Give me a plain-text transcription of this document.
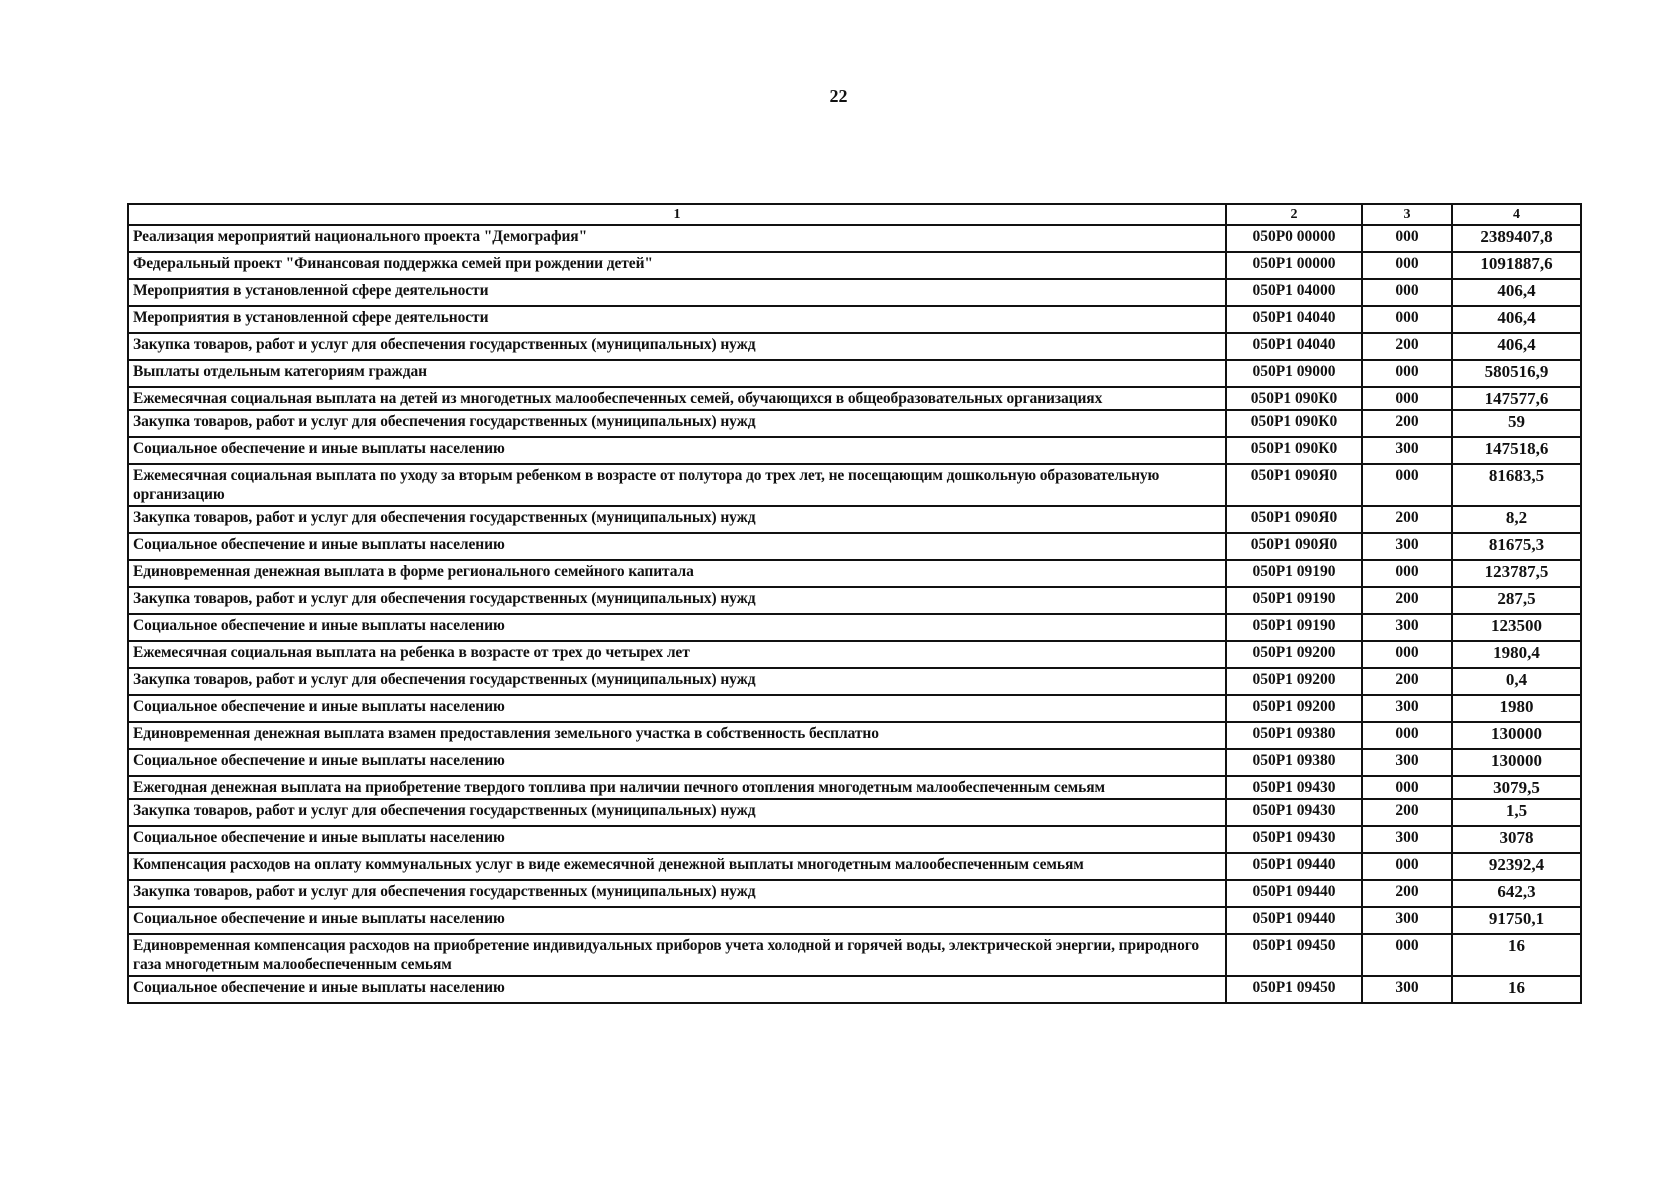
22
1	2	3	4
Реализация мероприятий национального проекта "Демография"	050Р0 00000	000	2389407,8
Федеральный проект "Финансовая поддержка семей при рождении детей"	050Р1 00000	000	1091887,6
Мероприятия в установленной сфере деятельности	050Р1 04000	000	406,4
Мероприятия в установленной сфере деятельности	050Р1 04040	000	406,4
Закупка товаров, работ и услуг для обеспечения государственных (муниципальных) нужд	050Р1 04040	200	406,4
Выплаты отдельным категориям граждан	050Р1 09000	000	580516,9
Ежемесячная социальная выплата на детей из многодетных малообеспеченных семей, обучающихся в общеобразовательных организациях	050Р1 090К0	000	147577,6
Закупка товаров, работ и услуг для обеспечения государственных (муниципальных) нужд	050Р1 090К0	200	59
Социальное обеспечение и иные выплаты населению	050Р1 090К0	300	147518,6
Ежемесячная социальная выплата по уходу за вторым ребенком в возрасте от полутора до трех лет, не посещающим дошкольную образовательную организацию	050Р1 090Я0	000	81683,5
Закупка товаров, работ и услуг для обеспечения государственных (муниципальных) нужд	050Р1 090Я0	200	8,2
Социальное обеспечение и иные выплаты населению	050Р1 090Я0	300	81675,3
Единовременная денежная выплата в форме регионального семейного капитала	050Р1 09190	000	123787,5
Закупка товаров, работ и услуг для обеспечения государственных (муниципальных) нужд	050Р1 09190	200	287,5
Социальное обеспечение и иные выплаты населению	050Р1 09190	300	123500
Ежемесячная социальная выплата на ребенка в возрасте от трех до четырех лет	050Р1 09200	000	1980,4
Закупка товаров, работ и услуг для обеспечения государственных (муниципальных) нужд	050Р1 09200	200	0,4
Социальное обеспечение и иные выплаты населению	050Р1 09200	300	1980
Единовременная денежная выплата взамен предоставления земельного участка в собственность бесплатно	050Р1 09380	000	130000
Социальное обеспечение и иные выплаты населению	050Р1 09380	300	130000
Ежегодная денежная выплата на приобретение твердого топлива при наличии печного отопления многодетным малообеспеченным семьям	050Р1 09430	000	3079,5
Закупка товаров, работ и услуг для обеспечения государственных (муниципальных) нужд	050Р1 09430	200	1,5
Социальное обеспечение и иные выплаты населению	050Р1 09430	300	3078
Компенсация расходов на оплату коммунальных услуг в виде ежемесячной денежной выплаты многодетным малообеспеченным семьям	050Р1 09440	000	92392,4
Закупка товаров, работ и услуг для обеспечения государственных (муниципальных) нужд	050Р1 09440	200	642,3
Социальное обеспечение и иные выплаты населению	050Р1 09440	300	91750,1
Единовременная компенсация расходов на приобретение индивидуальных приборов учета холодной и горячей воды, электрической энергии, природного газа многодетным малообеспеченным семьям	050Р1 09450	000	16
Социальное обеспечение и иные выплаты населению	050Р1 09450	300	16
